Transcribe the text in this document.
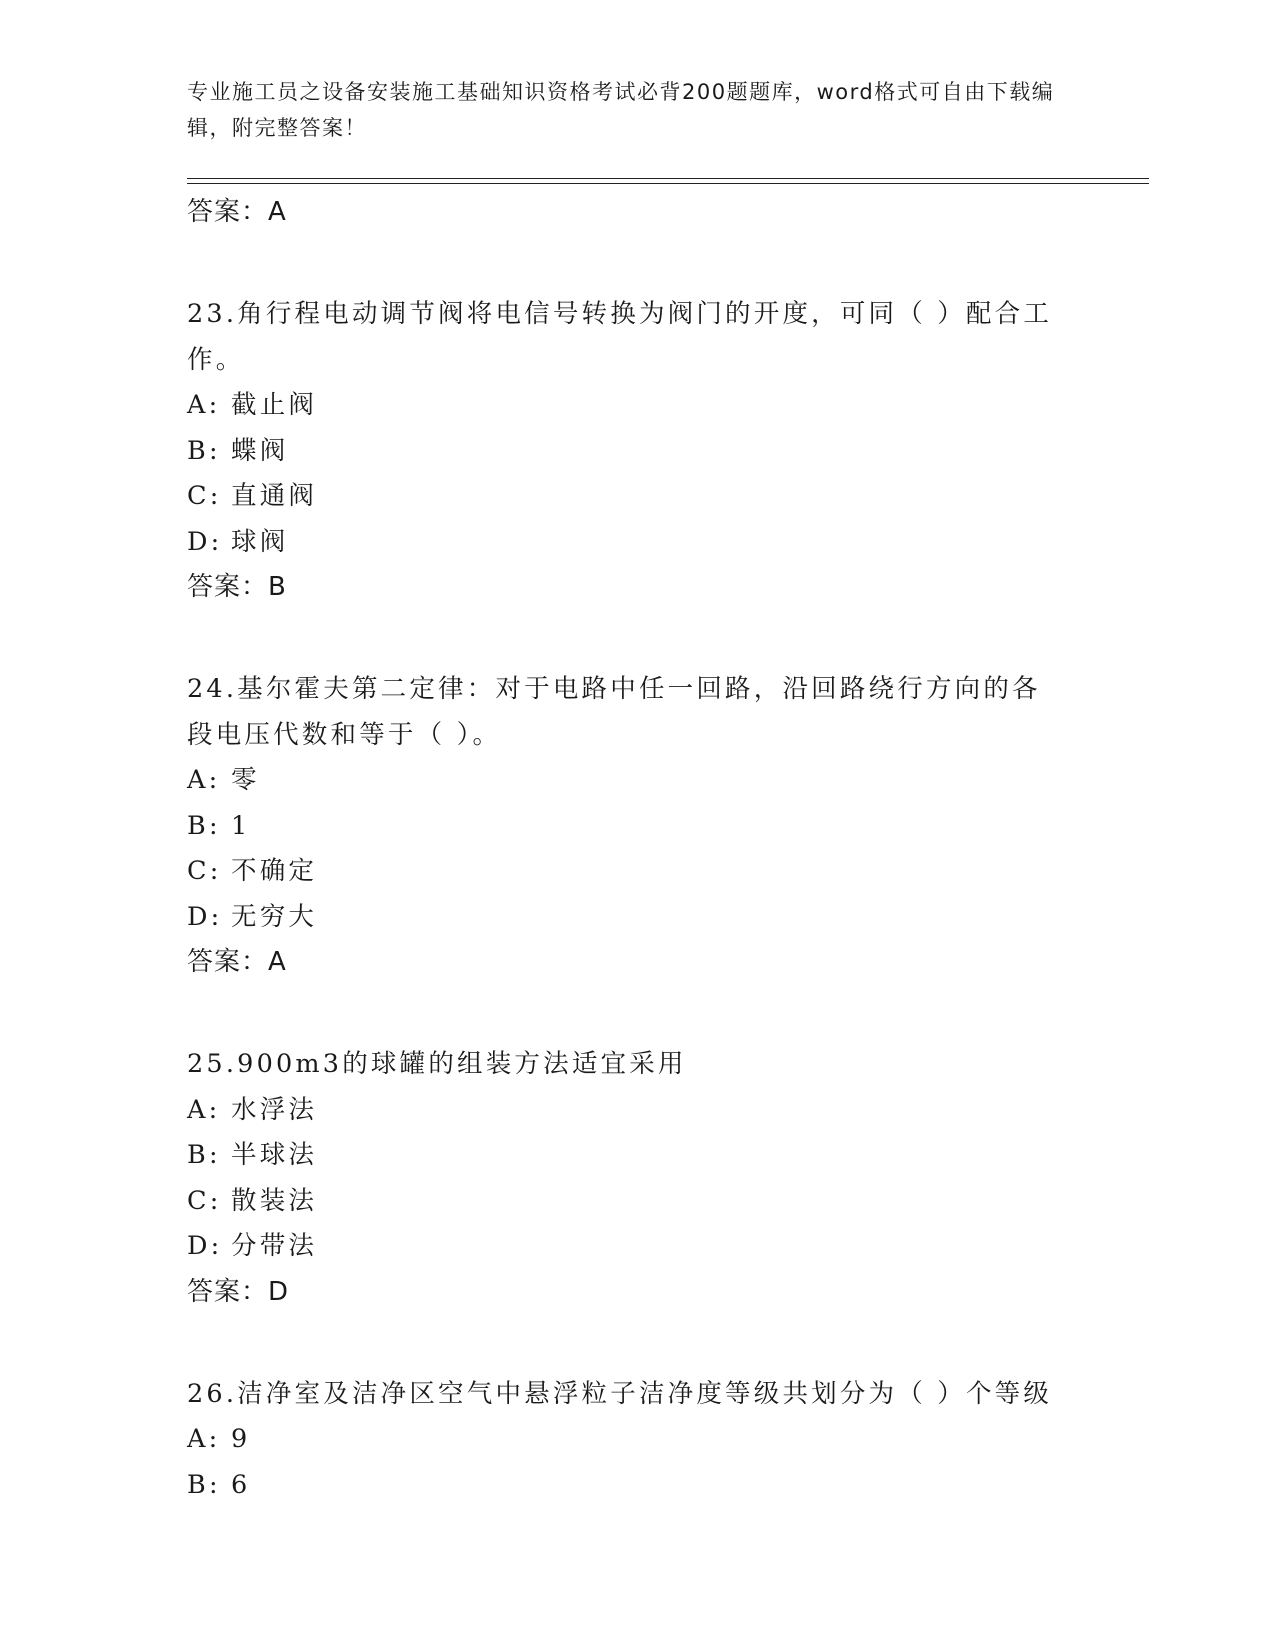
专业施工员之设备安装施工基础知识资格考试必背200题题库，word格式可自由下载编辑，附完整答案！
答案：A
23.角行程电动调节阀将电信号转换为阀门的开度，可同（ ）配合工作。
A: 截止阀
B: 蝶阀
C: 直通阀
D: 球阀
答案：B
24.基尔霍夫第二定律：对于电路中任一回路，沿回路绕行方向的各段电压代数和等于（ ）。
A: 零
B: 1
C: 不确定
D: 无穷大
答案：A
25.900m3的球罐的组装方法适宜采用
A: 水浮法
B: 半球法
C: 散装法
D: 分带法
答案：D
26.洁净室及洁净区空气中悬浮粒子洁净度等级共划分为（ ）个等级
A: 9
B: 6
